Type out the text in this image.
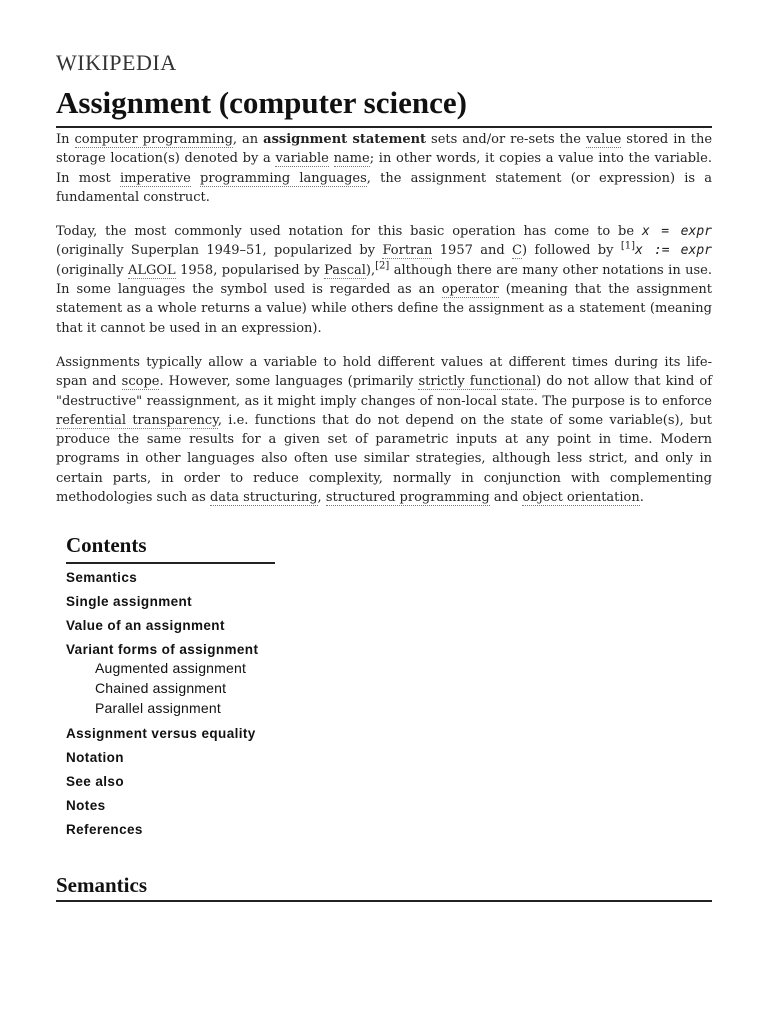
WIKIPEDIA
Assignment (computer science)

In computer programming, an assignment statement sets and/or re-sets the value stored in the storage location(s) denoted by a variable name; in other words, it copies a value into the variable. In most imperative programming languages, the assignment statement (or expression) is a fundamental construct.

Today, the most commonly used notation for this basic operation has come to be x = expr (originally Superplan 1949–51, popularized by Fortran 1957 and C) followed by [1]x := expr (originally ALGOL 1958, popularised by Pascal),[2] although there are many other notations in use. In some languages the symbol used is regarded as an operator (meaning that the assignment statement as a whole returns a value) while others define the assignment as a statement (meaning that it cannot be used in an expression).

Assignments typically allow a variable to hold different values at different times during its life-span and scope. However, some languages (primarily strictly functional) do not allow that kind of "destructive" reassignment, as it might imply changes of non-local state. The purpose is to enforce referential transparency, i.e. functions that do not depend on the state of some variable(s), but produce the same results for a given set of parametric inputs at any point in time. Modern programs in other languages also often use similar strategies, although less strict, and only in certain parts, in order to reduce complexity, normally in conjunction with complementing methodologies such as data structuring, structured programming and object orientation.

Contents
Semantics
Single assignment
Value of an assignment
Variant forms of assignment
Augmented assignment
Chained assignment
Parallel assignment
Assignment versus equality
Notation
See also
Notes
References
Semantics
